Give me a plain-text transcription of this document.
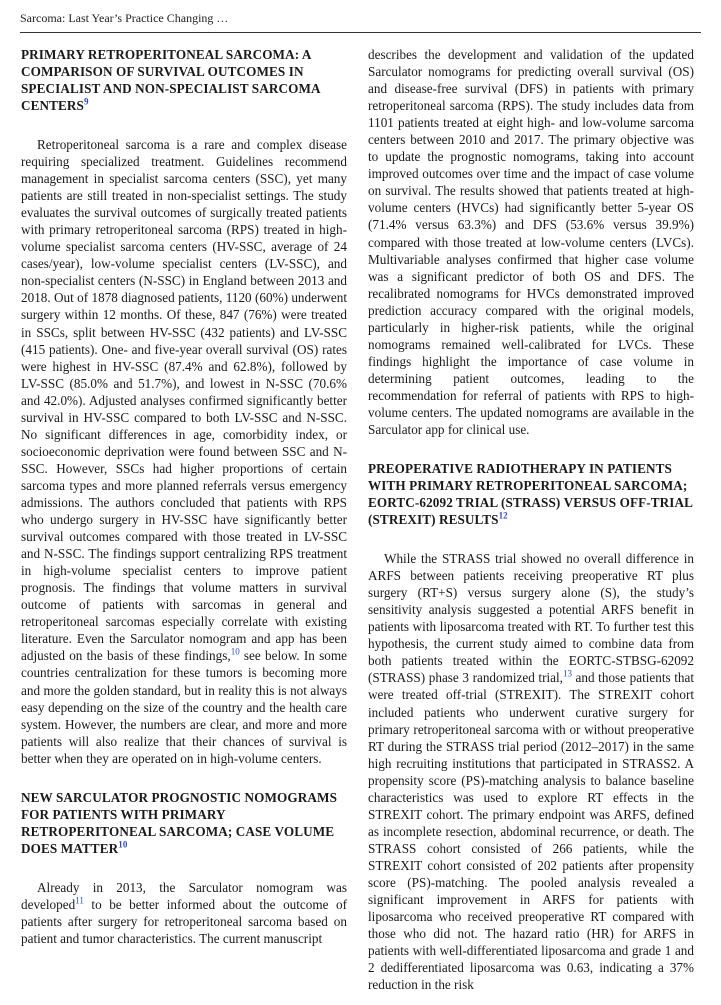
Sarcoma: Last Year’s Practice Changing …
PRIMARY RETROPERITONEAL SARCOMA: A COMPARISON OF SURVIVAL OUTCOMES IN SPECIALIST AND NON-SPECIALIST SARCOMA CENTERS$^9$

Retroperitoneal sarcoma is a rare and complex disease requiring specialized treatment. Guidelines recommend management in specialist sarcoma centers (SSC), yet many patients are still treated in non-specialist settings. The study evaluates the survival outcomes of surgically treated patients with primary retroperitoneal sarcoma (RPS) treated in high-volume specialist sarcoma centers (HV-SSC, average of 24 cases/year), low-volume specialist centers (LV-SSC), and non-specialist centers (N-SSC) in England between 2013 and 2018. Out of 1878 diagnosed patients, 1120 (60%) underwent surgery within 12 months. Of these, 847 (76%) were treated in SSCs, split between HV-SSC (432 patients) and LV-SSC (415 patients). One- and five-year overall survival (OS) rates were highest in HV-SSC (87.4% and 62.8%), followed by LV-SSC (85.0% and 51.7%), and lowest in N-SSC (70.6% and 42.0%). Adjusted analyses confirmed significantly better survival in HV-SSC compared to both LV-SSC and N-SSC. No significant differences in age, comorbidity index, or socioeconomic deprivation were found between SSC and N-SSC. However, SSCs had higher proportions of certain sarcoma types and more planned referrals versus emergency admissions. The authors concluded that patients with RPS who undergo surgery in HV-SSC have significantly better survival outcomes compared with those treated in LV-SSC and N-SSC. The findings support centralizing RPS treatment in high-volume specialist centers to improve patient prognosis. The findings that volume matters in survival outcome of patients with sarcomas in general and retroperitoneal sarcomas especially correlate with existing literature. Even the Sarculator nomogram and app has been adjusted on the basis of these findings,$^{10}$ see below. In some countries centralization for these tumors is becoming more and more the golden standard, but in reality this is not always easy depending on the size of the country and the health care system. However, the numbers are clear, and more and more patients will also realize that their chances of survival is better when they are operated on in high-volume centers.

NEW SARCULATOR PROGNOSTIC NOMOGRAMS FOR PATIENTS WITH PRIMARY RETROPERITONEAL SARCOMA; CASE VOLUME DOES MATTER$^{10}$

Already in 2013, the Sarculator nomogram was developed$^{11}$ to be better informed about the outcome of patients after surgery for retroperitoneal sarcoma based on patient and tumor characteristics. The current manuscript

describes the development and validation of the updated Sarculator nomograms for predicting overall survival (OS) and disease-free survival (DFS) in patients with primary retroperitoneal sarcoma (RPS). The study includes data from 1101 patients treated at eight high- and low-volume sarcoma centers between 2010 and 2017. The primary objective was to update the prognostic nomograms, taking into account improved outcomes over time and the impact of case volume on survival. The results showed that patients treated at high-volume centers (HVCs) had significantly better 5-year OS (71.4% versus 63.3%) and DFS (53.6% versus 39.9%) compared with those treated at low-volume centers (LVCs). Multivariable analyses confirmed that higher case volume was a significant predictor of both OS and DFS. The recalibrated nomograms for HVCs demonstrated improved prediction accuracy compared with the original models, particularly in higher-risk patients, while the original nomograms remained well-calibrated for LVCs. These findings highlight the importance of case volume in determining patient outcomes, leading to the recommendation for referral of patients with RPS to high-volume centers. The updated nomograms are available in the Sarculator app for clinical use.

PREOPERATIVE RADIOTHERAPY IN PATIENTS WITH PRIMARY RETROPERITONEAL SARCOMA; EORTC-62092 TRIAL (STRASS) VERSUS OFF-TRIAL (STREXIT) RESULTS$^{12}$

While the STRASS trial showed no overall difference in ARFS between patients receiving preoperative RT plus surgery (RT+S) versus surgery alone (S), the study’s sensitivity analysis suggested a potential ARFS benefit in patients with liposarcoma treated with RT. To further test this hypothesis, the current study aimed to combine data from both patients treated within the EORTC-STBSG-62092 (STRASS) phase 3 randomized trial,$^{13}$ and those patients that were treated off-trial (STREXIT). The STREXIT cohort included patients who underwent curative surgery for primary retroperitoneal sarcoma with or without preoperative RT during the STRASS trial period (2012–2017) in the same high recruiting institutions that participated in STRASS2. A propensity score (PS)-matching analysis to balance baseline characteristics was used to explore RT effects in the STREXIT cohort. The primary endpoint was ARFS, defined as incomplete resection, abdominal recurrence, or death. The STRASS cohort consisted of 266 patients, while the STREXIT cohort consisted of 202 patients after propensity score (PS)-matching. The pooled analysis revealed a significant improvement in ARFS for patients with liposarcoma who received preoperative RT compared with those who did not. The hazard ratio (HR) for ARFS in patients with well-differentiated liposarcoma and grade 1 and 2 dedifferentiated liposarcoma was 0.63, indicating a 37% reduction in the risk
